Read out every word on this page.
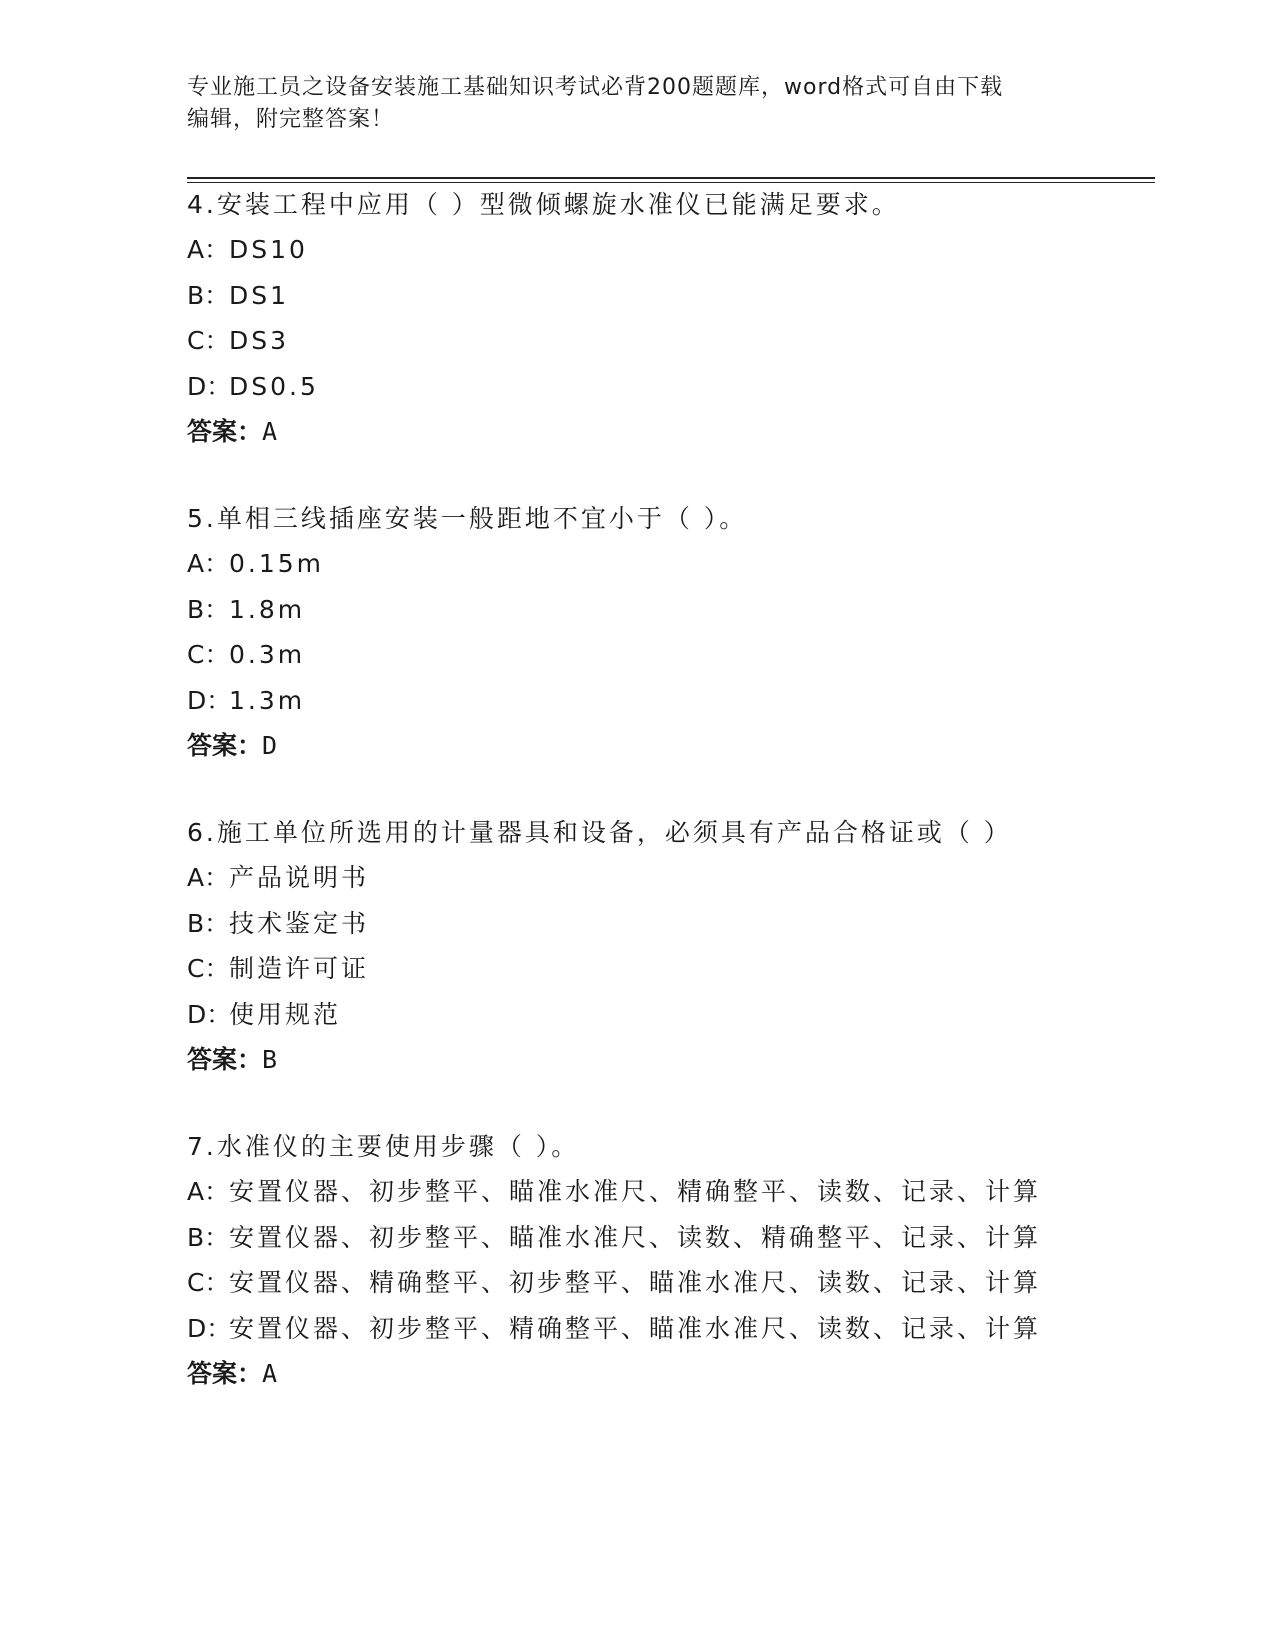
专业施工员之设备安装施工基础知识考试必背200题题库，word格式可自由下载
编辑，附完整答案！
4.安装工程中应用（ ）型微倾螺旋水准仪已能满足要求。
A：DS10
B：DS1
C：DS3
D：DS0.5
答案：A
5.单相三线插座安装一般距地不宜小于（ ）。
A：0.15m
B：1.8m
C：0.3m
D：1.3m
答案：D
6.施工单位所选用的计量器具和设备，必须具有产品合格证或（ ）
A：产品说明书
B：技术鉴定书
C：制造许可证
D：使用规范
答案：B
7.水准仪的主要使用步骤（ ）。
A：安置仪器、初步整平、瞄准水准尺、精确整平、读数、记录、计算
B：安置仪器、初步整平、瞄准水准尺、读数、精确整平、记录、计算
C：安置仪器、精确整平、初步整平、瞄准水准尺、读数、记录、计算
D：安置仪器、初步整平、精确整平、瞄准水准尺、读数、记录、计算
答案：A
